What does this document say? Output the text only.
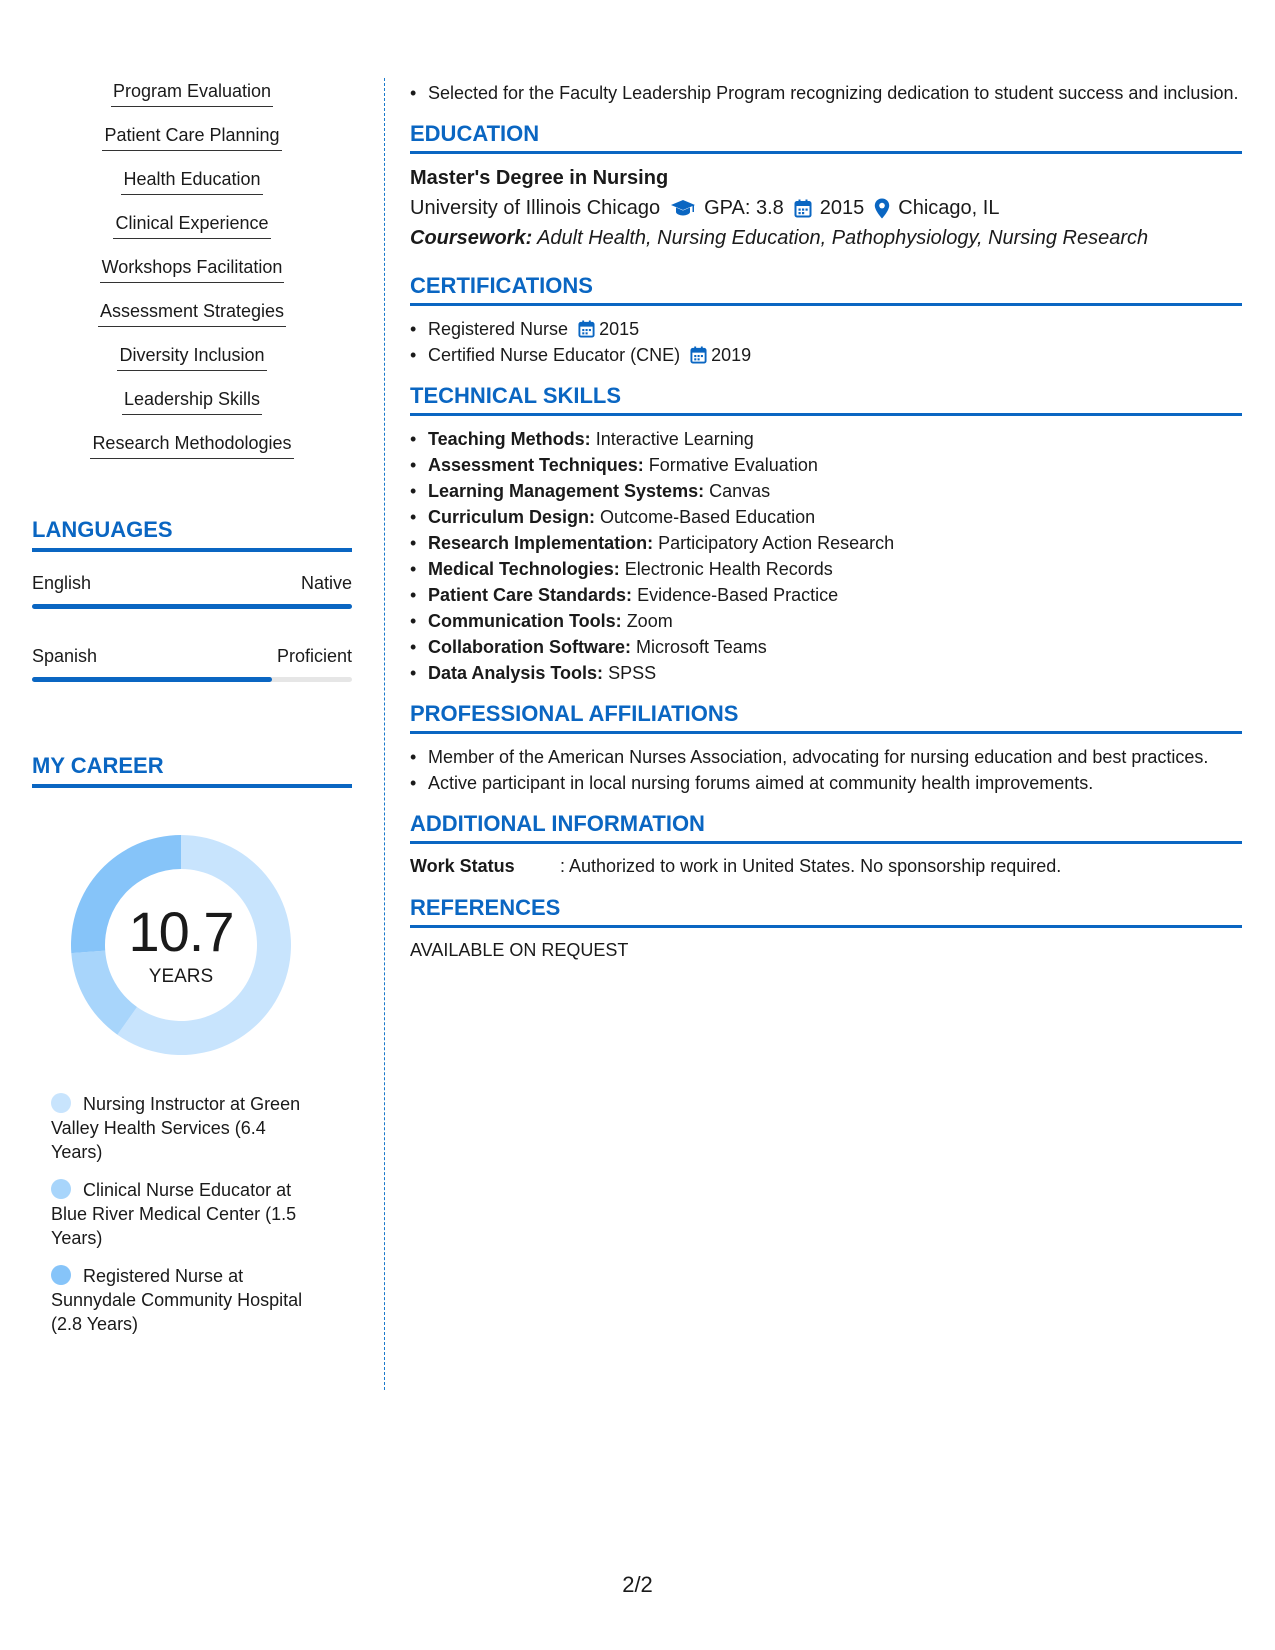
Program Evaluation
Patient Care Planning
Health Education
Clinical Experience
Workshops Facilitation
Assessment Strategies
Diversity Inclusion
Leadership Skills
Research Methodologies
LANGUAGES
English	Native
Spanish	Proficient
MY CAREER
10.7
YEARS
Nursing Instructor at Green Valley Health Services (6.4 Years)
Clinical Nurse Educator at Blue River Medical Center (1.5 Years)
Registered Nurse at Sunnydale Community Hospital (2.8 Years)
• Selected for the Faculty Leadership Program recognizing dedication to student success and inclusion.
EDUCATION
Master's Degree in Nursing
University of Illinois Chicago GPA: 3.8 2015 Chicago, IL
Coursework: Adult Health, Nursing Education, Pathophysiology, Nursing Research
CERTIFICATIONS
• Registered Nurse 2015
• Certified Nurse Educator (CNE) 2019
TECHNICAL SKILLS
• Teaching Methods: Interactive Learning
• Assessment Techniques: Formative Evaluation
• Learning Management Systems: Canvas
• Curriculum Design: Outcome-Based Education
• Research Implementation: Participatory Action Research
• Medical Technologies: Electronic Health Records
• Patient Care Standards: Evidence-Based Practice
• Communication Tools: Zoom
• Collaboration Software: Microsoft Teams
• Data Analysis Tools: SPSS
PROFESSIONAL AFFILIATIONS
• Member of the American Nurses Association, advocating for nursing education and best practices.
• Active participant in local nursing forums aimed at community health improvements.
ADDITIONAL INFORMATION
Work Status	: Authorized to work in United States. No sponsorship required.
REFERENCES
AVAILABLE ON REQUEST
2/2
